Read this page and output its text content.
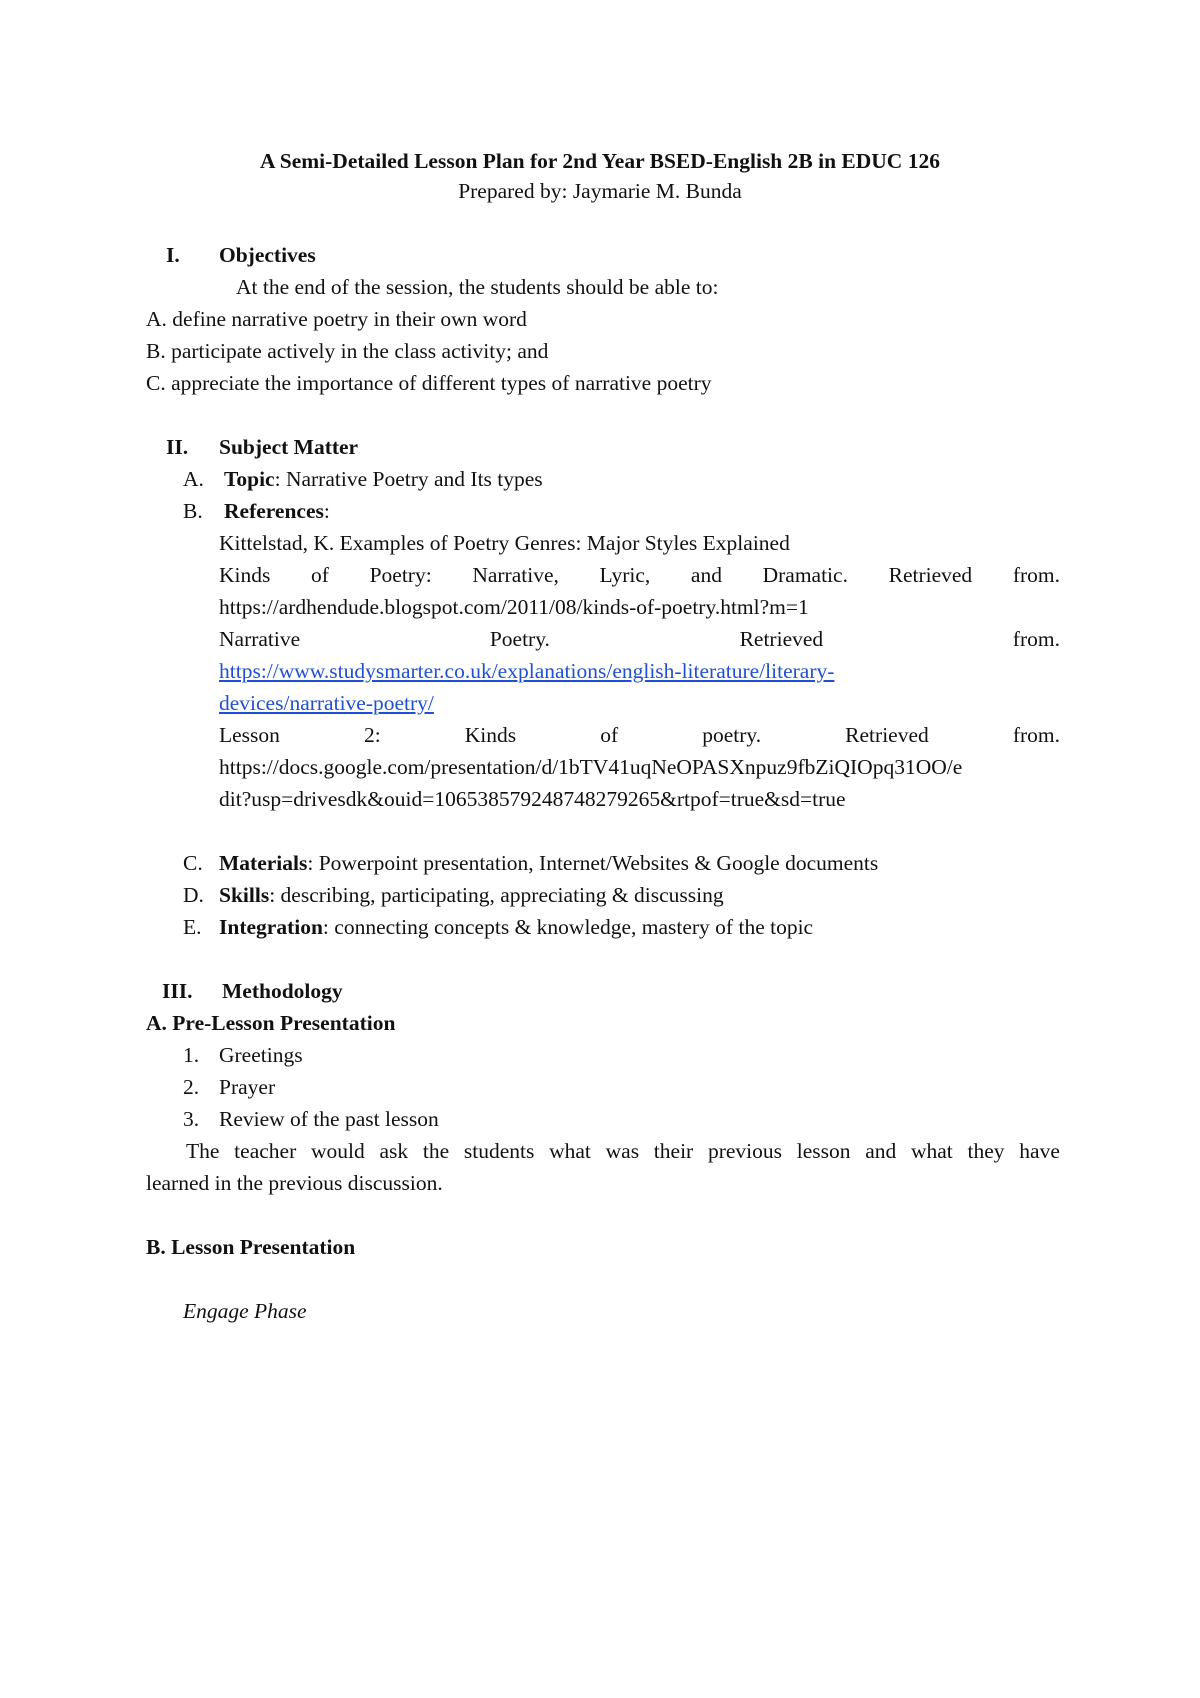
A Semi-Detailed Lesson Plan for 2nd Year BSED-English 2B in EDUC 126
Prepared by: Jaymarie M. Bunda
I. Objectives
At the end of the session, the students should be able to:
A. define narrative poetry in their own word
B. participate actively in the class activity; and
C. appreciate the importance of different types of narrative poetry
II. Subject Matter
A. Topic: Narrative Poetry and Its types
B. References:
Kittelstad, K. Examples of Poetry Genres: Major Styles Explained
Kinds of Poetry: Narrative, Lyric, and Dramatic. Retrieved from.
https://ardhendude.blogspot.com/2011/08/kinds-of-poetry.html?m=1
Narrative	Poetry.	Retrieved	from.
https://www.studysmarter.co.uk/explanations/english-literature/literary-
devices/narrative-poetry/
Lesson	2:	Kinds	of	poetry.	Retrieved	from.
https://docs.google.com/presentation/d/1bTV41uqNeOPASXnpuz9fbZiQIOpq31OO/e
dit?usp=drivesdk&ouid=106538579248748279265&rtpof=true&sd=true
C. Materials: Powerpoint presentation, Internet/Websites & Google documents
D. Skills: describing, participating, appreciating & discussing
E. Integration: connecting concepts & knowledge, mastery of the topic
III. Methodology
A. Pre-Lesson Presentation
1. Greetings
2. Prayer
3. Review of the past lesson
The teacher would ask the students what was their previous lesson and what they have
learned in the previous discussion.
B. Lesson Presentation
Engage Phase
